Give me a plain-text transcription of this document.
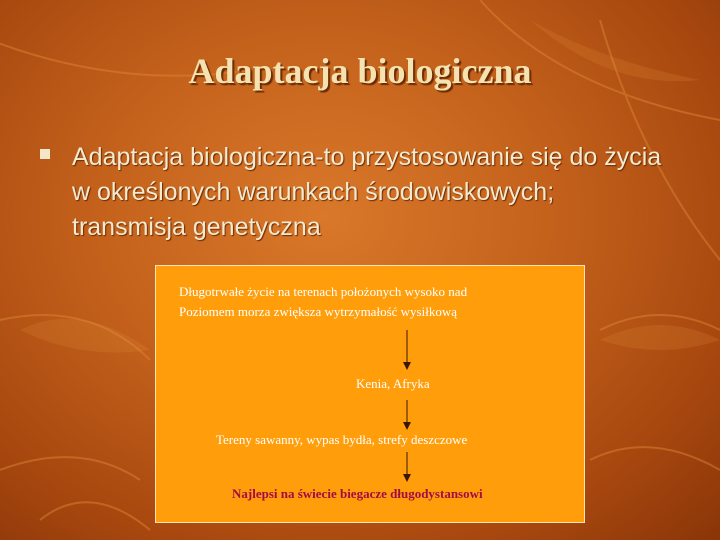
Adaptacja biologiczna
Adaptacja biologiczna-to przystosowanie się do życia w określonych warunkach środowiskowych; transmisja genetyczna
Długotrwałe życie na terenach położonych wysoko nad
Poziomem morza zwiększa wytrzymałość wysiłkową
Kenia, Afryka
Tereny sawanny, wypas bydła, strefy deszczowe
Najlepsi na świecie biegacze długodystansowi
